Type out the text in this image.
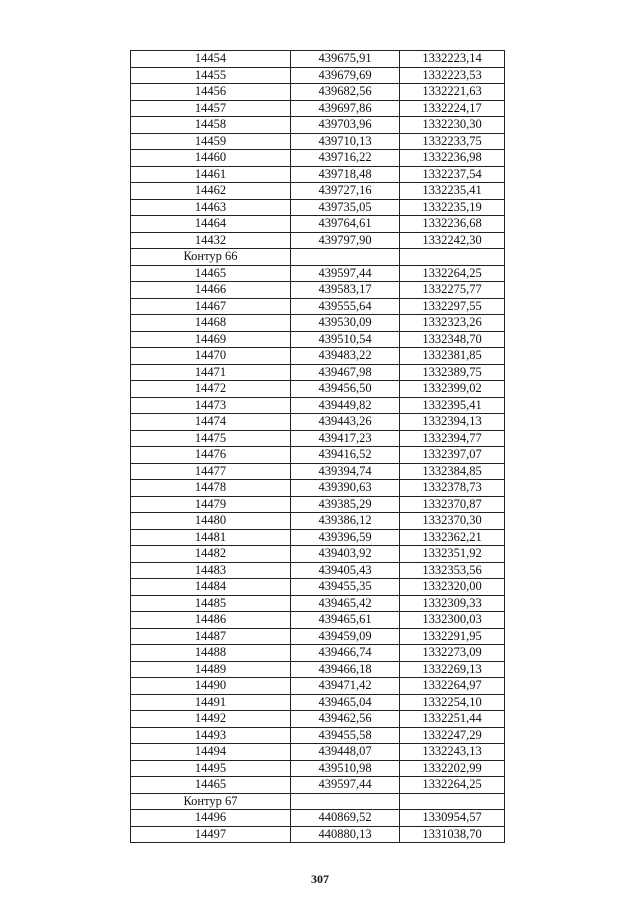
14454	439675,91	1332223,14
14455	439679,69	1332223,53
14456	439682,56	1332221,63
14457	439697,86	1332224,17
14458	439703,96	1332230,30
14459	439710,13	1332233,75
14460	439716,22	1332236,98
14461	439718,48	1332237,54
14462	439727,16	1332235,41
14463	439735,05	1332235,19
14464	439764,61	1332236,68
14432	439797,90	1332242,30
Контур 66		
14465	439597,44	1332264,25
14466	439583,17	1332275,77
14467	439555,64	1332297,55
14468	439530,09	1332323,26
14469	439510,54	1332348,70
14470	439483,22	1332381,85
14471	439467,98	1332389,75
14472	439456,50	1332399,02
14473	439449,82	1332395,41
14474	439443,26	1332394,13
14475	439417,23	1332394,77
14476	439416,52	1332397,07
14477	439394,74	1332384,85
14478	439390,63	1332378,73
14479	439385,29	1332370,87
14480	439386,12	1332370,30
14481	439396,59	1332362,21
14482	439403,92	1332351,92
14483	439405,43	1332353,56
14484	439455,35	1332320,00
14485	439465,42	1332309,33
14486	439465,61	1332300,03
14487	439459,09	1332291,95
14488	439466,74	1332273,09
14489	439466,18	1332269,13
14490	439471,42	1332264,97
14491	439465,04	1332254,10
14492	439462,56	1332251,44
14493	439455,58	1332247,29
14494	439448,07	1332243,13
14495	439510,98	1332202,99
14465	439597,44	1332264,25
Контур 67		
14496	440869,52	1330954,57
14497	440880,13	1331038,70
307
